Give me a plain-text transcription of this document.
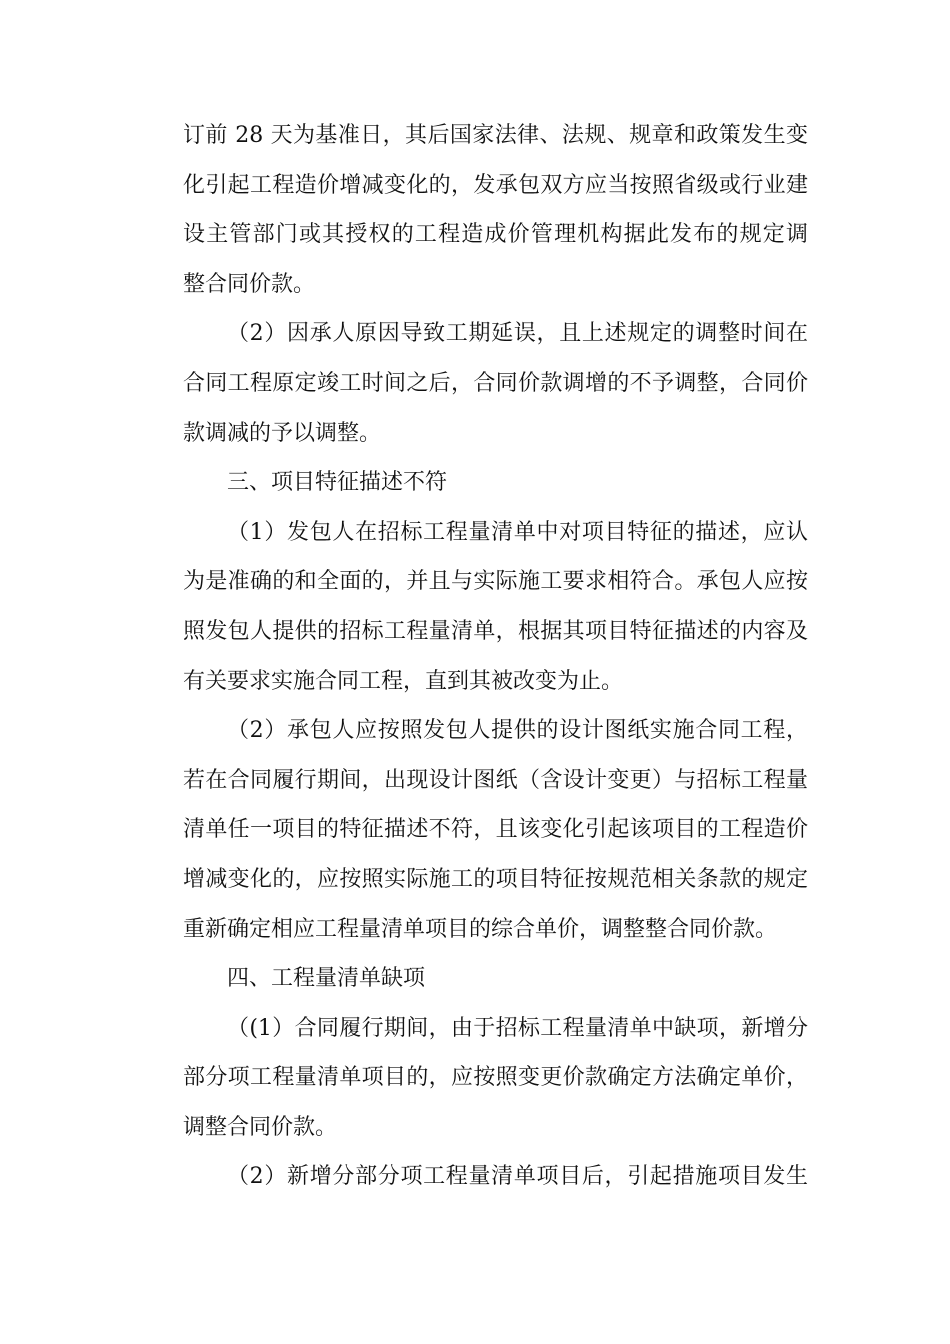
订前 28 天为基准日，其后国家法律、法规、规章和政策发生变
化引起工程造价增减变化的，发承包双方应当按照省级或行业建
设主管部门或其授权的工程造成价管理机构据此发布的规定调
整合同价款。
（2）因承人原因导致工期延误，且上述规定的调整时间在
合同工程原定竣工时间之后，合同价款调增的不予调整，合同价
款调减的予以调整。
三、项目特征描述不符
（1）发包人在招标工程量清单中对项目特征的描述，应认
为是准确的和全面的，并且与实际施工要求相符合。承包人应按
照发包人提供的招标工程量清单，根据其项目特征描述的内容及
有关要求实施合同工程，直到其被改变为止。
（2）承包人应按照发包人提供的设计图纸实施合同工程，
若在合同履行期间，出现设计图纸（含设计变更）与招标工程量
清单任一项目的特征描述不符，且该变化引起该项目的工程造价
增减变化的，应按照实际施工的项目特征按规范相关条款的规定
重新确定相应工程量清单项目的综合单价，调整整合同价款。
四、工程量清单缺项
（(1）合同履行期间，由于招标工程量清单中缺项，新增分
部分项工程量清单项目的，应按照变更价款确定方法确定单价，
调整合同价款。
（2）新增分部分项工程量清单项目后，引起措施项目发生
